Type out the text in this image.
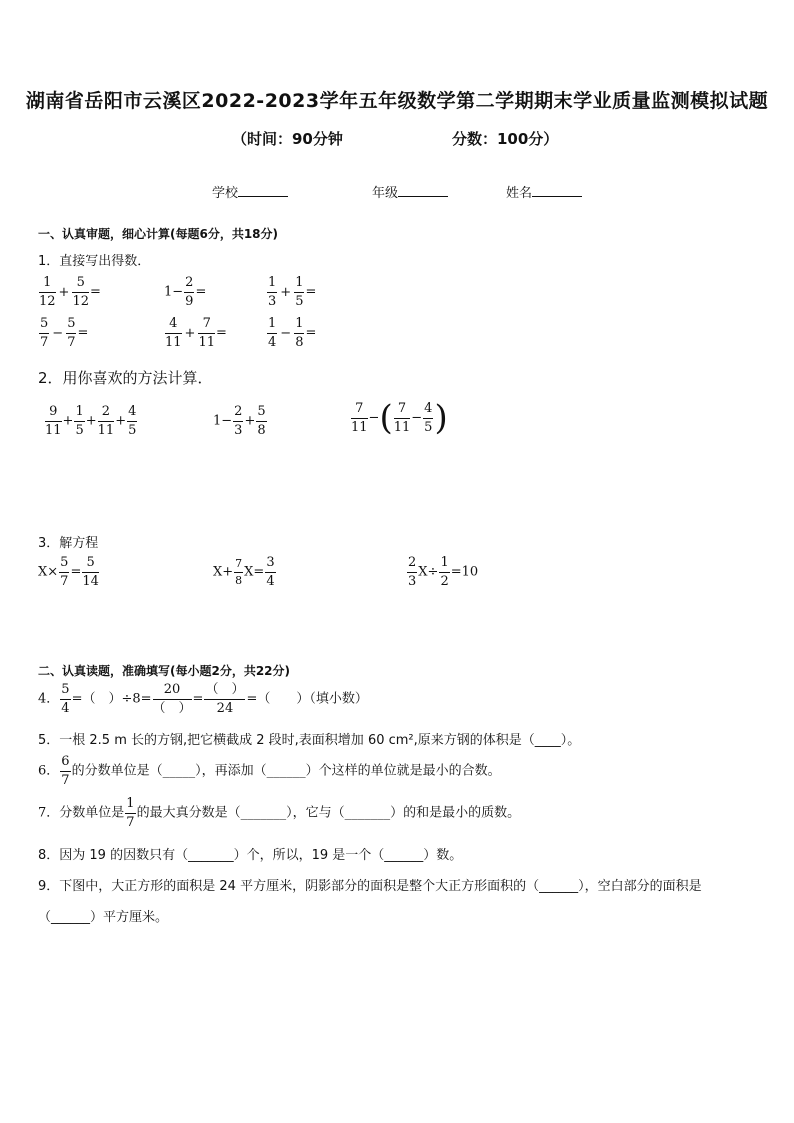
湖南省岳阳市云溪区2022-2023学年五年级数学第二学期期末学业质量监测模拟试题
（时间：90分钟	分数：100分）
学校	年级	姓名
一、认真审题，细心计算(每题6分，共18分)
1．直接写出得数．
$\frac{1}{12} + \frac{5}{12}$ =	$1- \frac{2}{9}$ =	$\frac{1}{3} + \frac{1}{5}$ =
$\frac{5}{7} - \frac{5}{7}$ =	$\frac{4}{11} + \frac{7}{11}$ =	$\frac{1}{4} - \frac{1}{8}$ =
2．用你喜欢的方法计算．
$\frac{9}{11} + \frac{1}{5} + \frac{2}{11} + \frac{4}{5}$	$1- \frac{2}{3} + \frac{5}{8}$	$\frac{7}{11}$ −( $\frac{7}{11} - \frac{4}{5}$ )
3．解方程
$X\times \frac{5}{7} = \frac{5}{14}$	$X+ \frac{7}{8} X= \frac{3}{4}$	$\frac{2}{3} X\div \frac{1}{2} =10$
二、认真读题，准确填写(每小题2分，共22分)
4． $\frac{5}{4}$ =（　）$\div 8= \frac{20}{( )} = \frac{( )}{24}$ =（　　）（填小数）
5．一根 2.5 m 长的方钢,把它横截成 2 段时,表面积增加 60 cm²,原来方钢的体积是（____）。
6． $\frac{6}{7}$ 的分数单位是（_____），再添加（______）个这样的单位就是最小的合数。
7．分数单位是 $\frac{1}{7}$ 的最大真分数是（_______），它与（_______）的和是最小的质数。
8．因为 19 的因数只有（_______）个，所以，19 是一个（______）数。
9．下图中，大正方形的面积是 24 平方厘米，阴影部分的面积是整个大正方形面积的（______），空白部分的面积是
（______）平方厘米。
